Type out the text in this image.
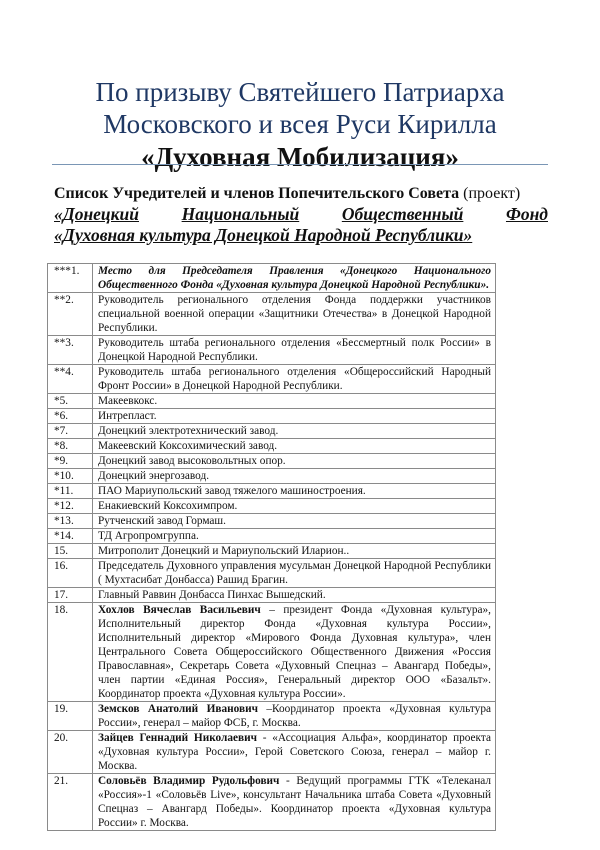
По призыву Святейшего Патриарха
Московского и всея Руси Кирилла
«Духовная Мобилизация»
Список Учредителей и членов Попечительского Совета (проект)
«Донецкий Национальный Общественный Фонд
«Духовная культура Донецкой Народной Республики»
***1.	Место для Председателя Правления «Донецкого Национального Общественного Фонда «Духовная культура Донецкой Народной Республики».
**2.	Руководитель регионального отделения Фонда поддержки участников специальной военной операции «Защитники Отечества» в Донецкой Народной Республики.
**3.	Руководитель штаба регионального отделения «Бессмертный полк России» в Донецкой Народной Республики.
**4.	Руководитель штаба регионального отделения «Общероссийский Народный Фронт России» в Донецкой Народной Республики.
*5.	Макеевкокс.
*6.	Интрепласт.
*7.	Донецкий электротехнический завод.
*8.	Макеевский Коксохимический завод.
*9.	Донецкий завод высоковольтных опор.
*10.	Донецкий энергозавод.
*11.	ПАО Мариупольский завод тяжелого машиностроения.
*12.	Енакиевский Коксохимпром.
*13.	Рутченский завод Гормаш.
*14.	ТД Агропромгруппа.
15.	Митрополит Донецкий и Мариупольский Иларион..
16.	Председатель Духовного управления мусульман Донецкой Народной Республики ( Мухтасибат Донбасса) Рашид Брагин.
17.	Главный Раввин Донбасса Пинхас Вышедский.
18.	Хохлов Вячеслав Васильевич – президент Фонда «Духовная культура», Исполнительный директор Фонда «Духовная культура России», Исполнительный директор «Мирового Фонда Духовная культура», член Центрального Совета Общероссийского Общественного Движения «Россия Православная», Секретарь Совета «Духовный Спецназ – Авангард Победы», член партии «Единая Россия», Генеральный директор ООО «Базальт». Координатор проекта «Духовная культура России».
19.	Земсков Анатолий Иванович –Координатор проекта «Духовная культура России», генерал – майор ФСБ, г. Москва.
20.	Зайцев Геннадий Николаевич - «Ассоциация Альфа», координатор проекта «Духовная культура России», Герой Советского Союза, генерал – майор г. Москва.
21.	Соловьёв Владимир Рудольфович - Ведущий программы ГТК «Телеканал «Россия»-1 «Соловьёв Live», консультант Начальника штаба Совета «Духовный Спецназ – Авангард Победы». Координатор проекта «Духовная культура России» г. Москва.
